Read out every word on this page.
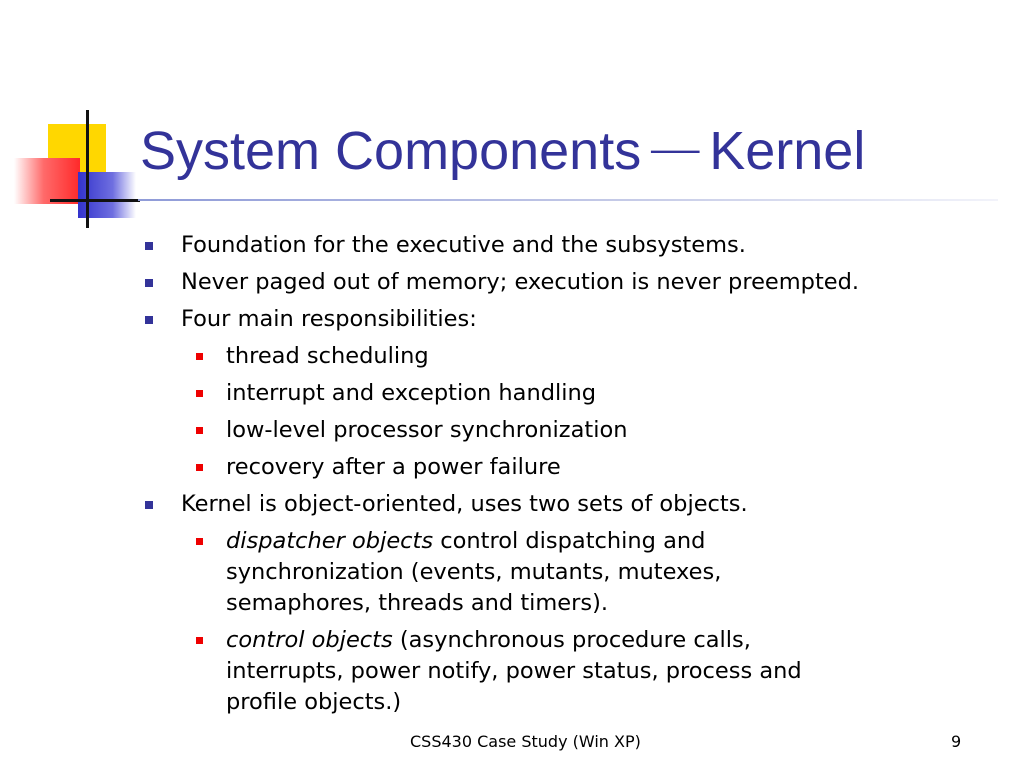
System Components — Kernel
Foundation for the executive and the subsystems.
Never paged out of memory; execution is never preempted.
Four main responsibilities:
thread scheduling
interrupt and exception handling
low-level processor synchronization
recovery after a power failure
Kernel is object-oriented, uses two sets of objects.
dispatcher objects control dispatching and synchronization (events, mutants, mutexes, semaphores, threads and timers).
control objects (asynchronous procedure calls, interrupts, power notify, power status, process and profile objects.)
CSS430 Case Study (Win XP)	9
